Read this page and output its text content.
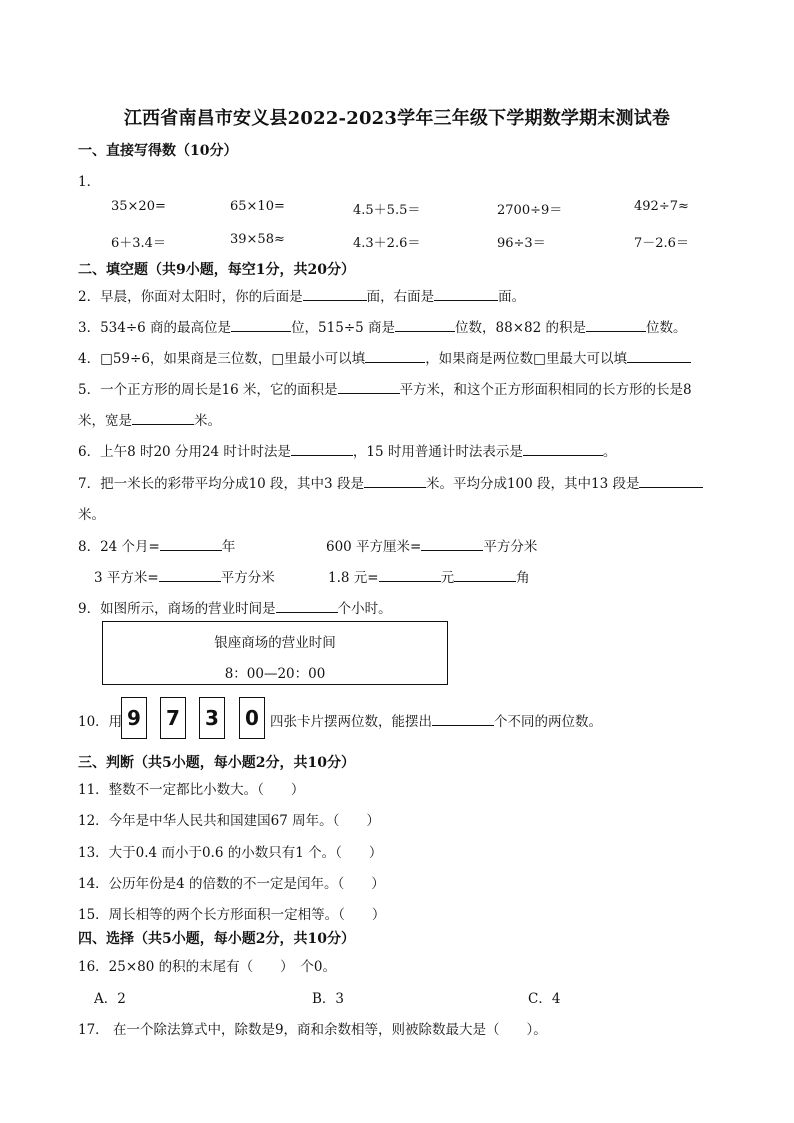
江西省南昌市安义县2022-2023学年三年级下学期数学期末测试卷
一、直接写得数（10分）
1．
35×20=	65×10=	4.5＋5.5＝	2700÷9＝	492÷7≈
6＋3.4＝	39×58≈	4.3＋2.6＝	96÷3＝	7－2.6＝
二、填空题（共9小题，每空1分，共20分）
2．早晨，你面对太阳时，你的后面是	面，右面是	面。
3．534÷6 商的最高位是	位，515÷5 商是	位数，88×82 的积是	位数。
4．□59÷6，如果商是三位数，□里最小可以填	，如果商是两位数□里最大可以填
5．一个正方形的周长是16 米，它的面积是	平方米，和这个正方形面积相同的长方形的长是8
米，宽是	米。
6．上午8 时20 分用24 时计时法是	，15 时用普通计时法表示是	。
7．把一米长的彩带平均分成10 段，其中3 段是	米。平均分成100 段，其中13 段是
米。
8．24 个月=	年	600 平方厘米=	平方分米
3 平方米=	平方分米	1.8 元=	元	角
9．如图所示，商场的营业时间是	个小时。
银座商场的营业时间
8：00—20：00
10．用 9	7	3	0 四张卡片摆两位数，能摆出	个不同的两位数。
三、判断（共5小题，每小题2分，共10分）
11．整数不一定都比小数大。（　　）
12．今年是中华人民共和国建国67 周年。（　　）
13．大于0.4 而小于0.6 的小数只有1 个。（　　）
14．公历年份是4 的倍数的不一定是闰年。（　　）
15．周长相等的两个长方形面积一定相等。（　　）
四、选择（共5小题，每小题2分，共10分）
16．25×80 的积的末尾有（　　）　个0。
A．2	B．3	C．4
17． 在一个除法算式中，除数是9，商和余数相等，则被除数最大是（　　）。
